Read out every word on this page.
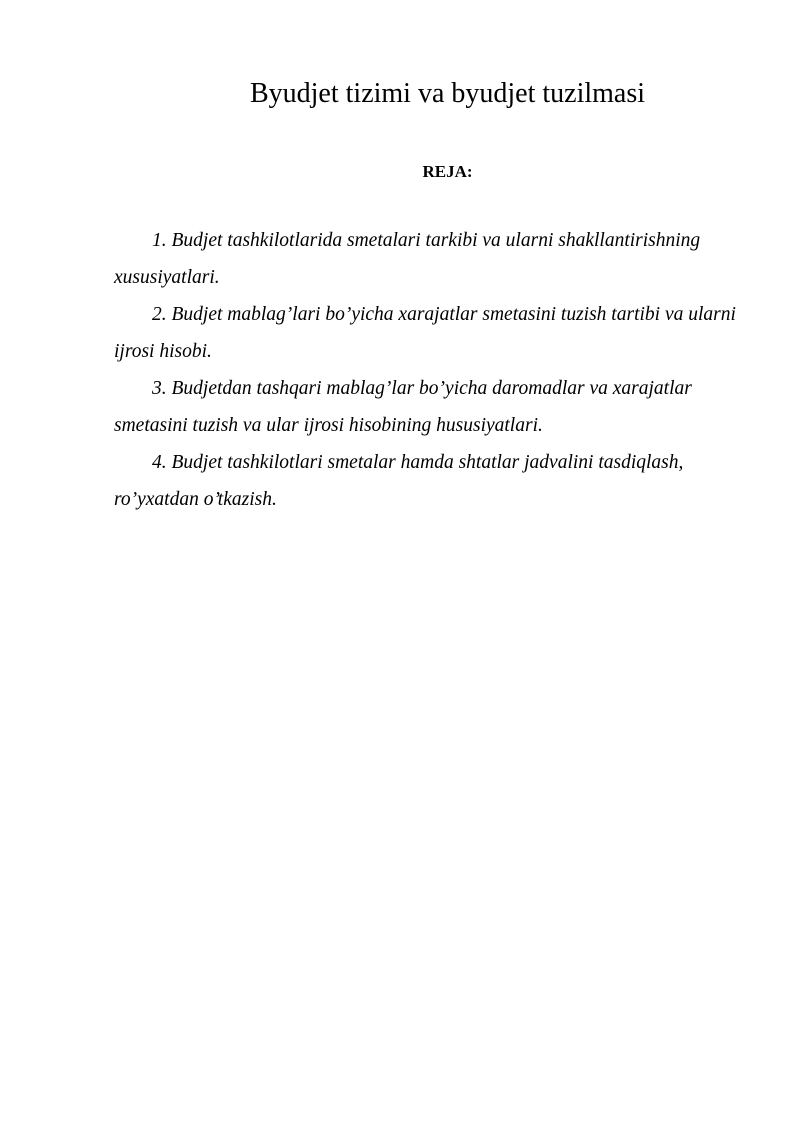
Byudjet tizimi va byudjet tuzilmasi
REJA:
1. Budjet tashkilotlarida smetalari tarkibi va ularni shakllantirishning xususiyatlari.
2. Budjet mablag’lari bo’yicha xarajatlar smetasini tuzish tartibi va ularni ijrosi hisobi.
3. Budjetdan tashqari mablag’lar bo’yicha daromadlar va xarajatlar smetasini tuzish va ular ijrosi hisobining hususiyatlari.
4. Budjet tashkilotlari smetalar hamda shtatlar jadvalini tasdiqlash, ro’yxatdan o’tkazish.
